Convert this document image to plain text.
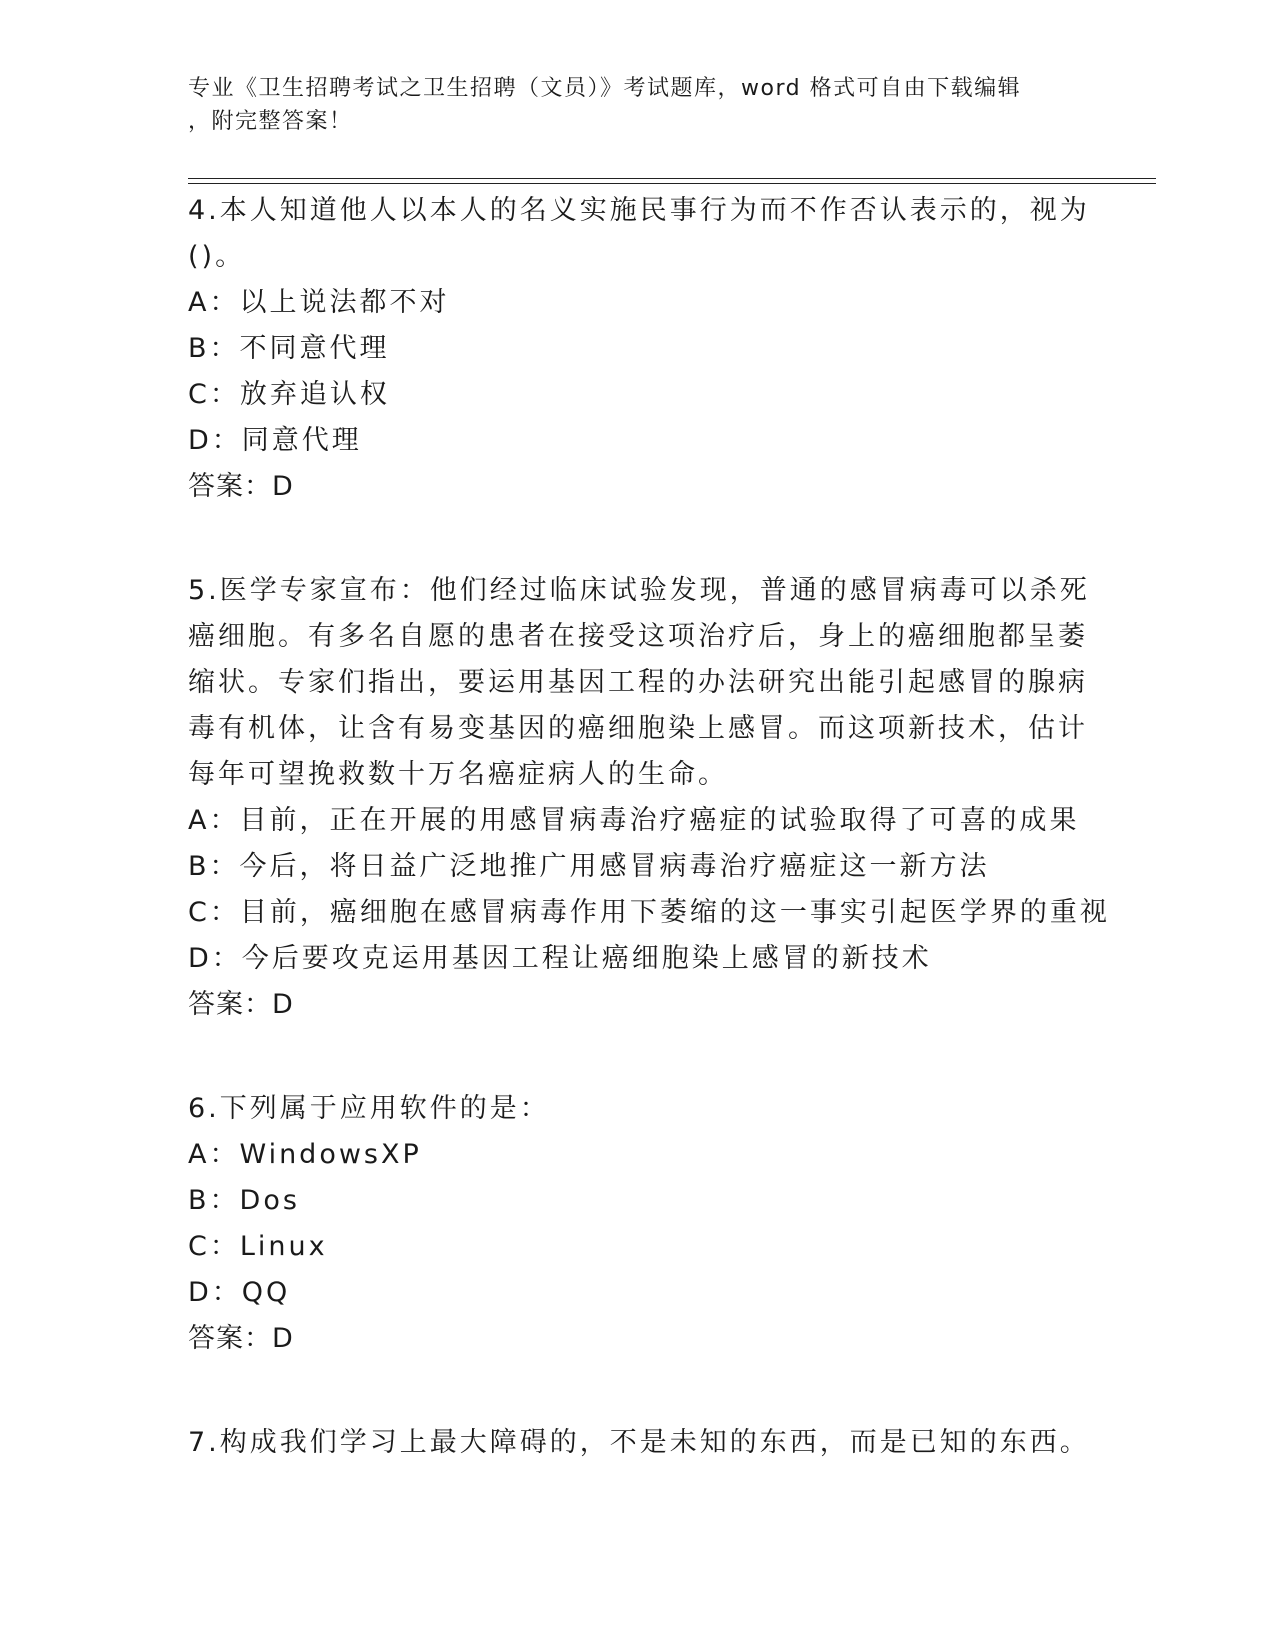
专业《卫生招聘考试之卫生招聘（文员）》考试题库，word 格式可自由下载编辑
，附完整答案！
4.本人知道他人以本人的名义实施民事行为而不作否认表示的，视为
()。
A：以上说法都不对
B：不同意代理
C：放弃追认权
D：同意代理
答案：D
5.医学专家宣布：他们经过临床试验发现，普通的感冒病毒可以杀死
癌细胞。有多名自愿的患者在接受这项治疗后，身上的癌细胞都呈萎
缩状。专家们指出，要运用基因工程的办法研究出能引起感冒的腺病
毒有机体，让含有易变基因的癌细胞染上感冒。而这项新技术，估计
每年可望挽救数十万名癌症病人的生命。
A：目前，正在开展的用感冒病毒治疗癌症的试验取得了可喜的成果
B：今后，将日益广泛地推广用感冒病毒治疗癌症这一新方法
C：目前，癌细胞在感冒病毒作用下萎缩的这一事实引起医学界的重视
D：今后要攻克运用基因工程让癌细胞染上感冒的新技术
答案：D
6.下列属于应用软件的是：
A：WindowsXP
B：Dos
C：Linux
D：QQ
答案：D
7.构成我们学习上最大障碍的，不是未知的东西，而是已知的东西。
